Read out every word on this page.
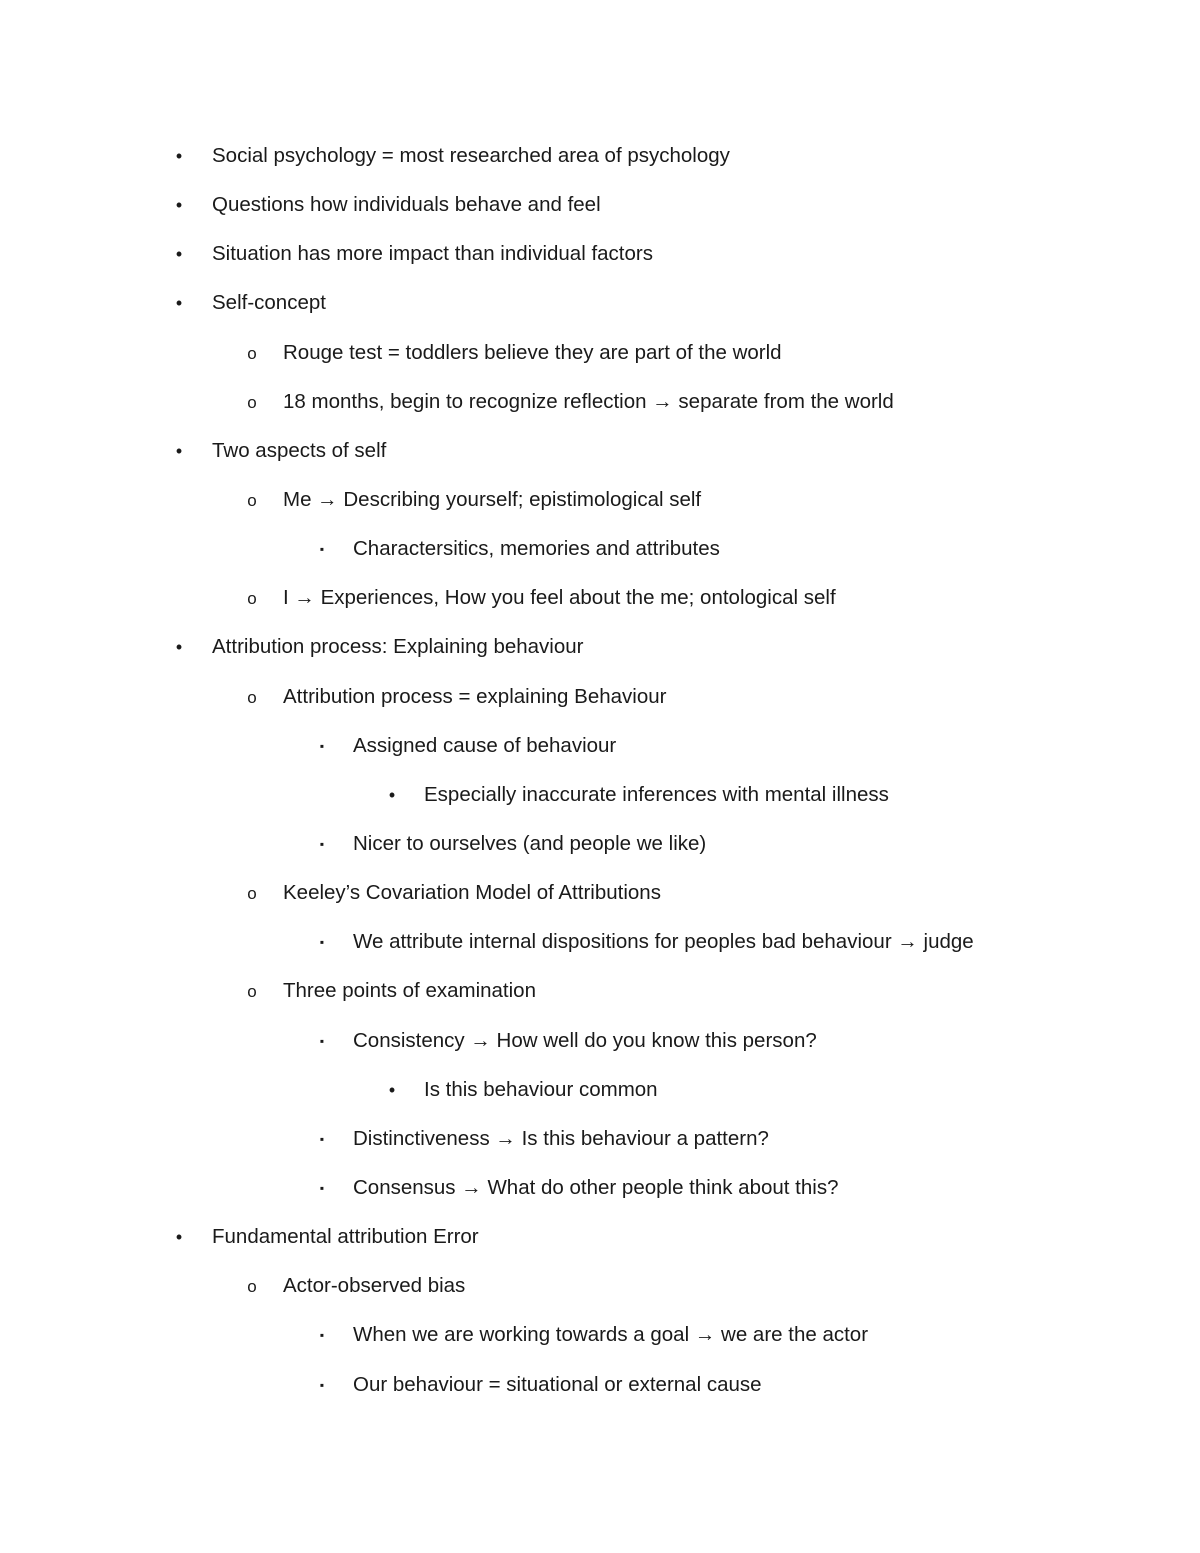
•	Social psychology = most researched area of psychology
•	Questions how individuals behave and feel
•	Situation has more impact than individual factors
•	Self-concept
o Rouge test = toddlers believe they are part of the world
o 18 months, begin to recognize reflection → separate from the world
•	Two aspects of self
o Me → Describing yourself; epistimological self
▪	Charactersitics, memories and attributes
o I → Experiences, How you feel about the me; ontological self
•	Attribution process: Explaining behaviour
o Attribution process = explaining Behaviour
▪	Assigned cause of behaviour
•	Especially inaccurate inferences with mental illness
▪	Nicer to ourselves (and people we like)
o Keeley’s Covariation Model of Attributions
▪	We attribute internal dispositions for peoples bad behaviour → judge
o Three points of examination
▪	Consistency → How well do you know this person?
•	Is this behaviour common
▪	Distinctiveness → Is this behaviour a pattern?
▪	Consensus → What do other people think about this?
•	Fundamental attribution Error
o Actor-observed bias
▪	When we are working towards a goal → we are the actor
▪	Our behaviour = situational or external cause
